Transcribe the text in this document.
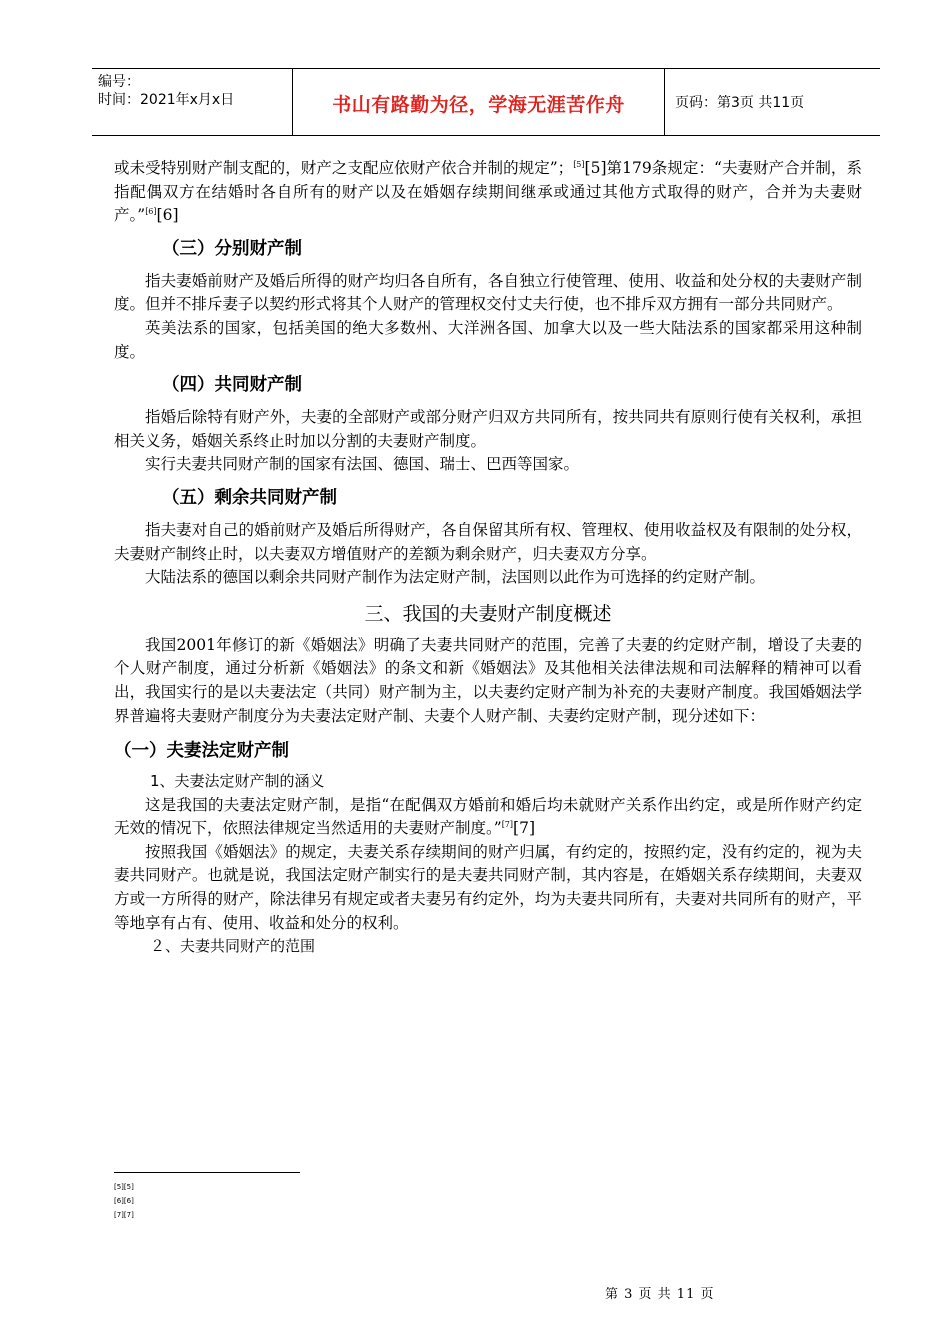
编号：
时间：2021年x月x日	书山有路勤为径，学海无涯苦作舟	页码：第3页 共11页

或未受特别财产制支配的，财产之支配应依财产依合并制的规定”；[5][5]第179条规定：“夫妻财产合并制，系指配偶双方在结婚时各自所有的财产以及在婚姻存续期间继承或通过其他方式取得的财产，合并为夫妻财产。”[6][6]

（三）分别财产制

指夫妻婚前财产及婚后所得的财产均归各自所有，各自独立行使管理、使用、收益和处分权的夫妻财产制度。但并不排斥妻子以契约形式将其个人财产的管理权交付丈夫行使，也不排斥双方拥有一部分共同财产。

英美法系的国家，包括美国的绝大多数州、大洋洲各国、加拿大以及一些大陆法系的国家都采用这种制度。

（四）共同财产制

指婚后除特有财产外，夫妻的全部财产或部分财产归双方共同所有，按共同共有原则行使有关权利，承担相关义务，婚姻关系终止时加以分割的夫妻财产制度。

实行夫妻共同财产制的国家有法国、德国、瑞士、巴西等国家。

（五）剩余共同财产制

指夫妻对自己的婚前财产及婚后所得财产，各自保留其所有权、管理权、使用收益权及有限制的处分权，夫妻财产制终止时，以夫妻双方增值财产的差额为剩余财产，归夫妻双方分享。

大陆法系的德国以剩余共同财产制作为法定财产制，法国则以此作为可选择的约定财产制。

三、我国的夫妻财产制度概述

我国2001年修订的新《婚姻法》明确了夫妻共同财产的范围，完善了夫妻的约定财产制，增设了夫妻的个人财产制度，通过分析新《婚姻法》的条文和新《婚姻法》及其他相关法律法规和司法解释的精神可以看出，我国实行的是以夫妻法定（共同）财产制为主，以夫妻约定财产制为补充的夫妻财产制度。我国婚姻法学界普遍将夫妻财产制度分为夫妻法定财产制、夫妻个人财产制、夫妻约定财产制，现分述如下：

（一）夫妻法定财产制
1、夫妻法定财产制的涵义

这是我国的夫妻法定财产制，是指“在配偶双方婚前和婚后均未就财产关系作出约定，或是所作财产约定无效的情况下，依照法律规定当然适用的夫妻财产制度。”[7][7]

按照我国《婚姻法》的规定，夫妻关系存续期间的财产归属，有约定的，按照约定，没有约定的，视为夫妻共同财产。也就是说，我国法定财产制实行的是夫妻共同财产制，其内容是，在婚姻关系存续期间，夫妻双方或一方所得的财产，除法律另有规定或者夫妻另有约定外，均为夫妻共同所有，夫妻对共同所有的财产，平等地享有占有、使用、收益和处分的权利。

２、夫妻共同财产的范围
[5][5]
[6][6]
[7][7]
第 3 页 共 11 页
